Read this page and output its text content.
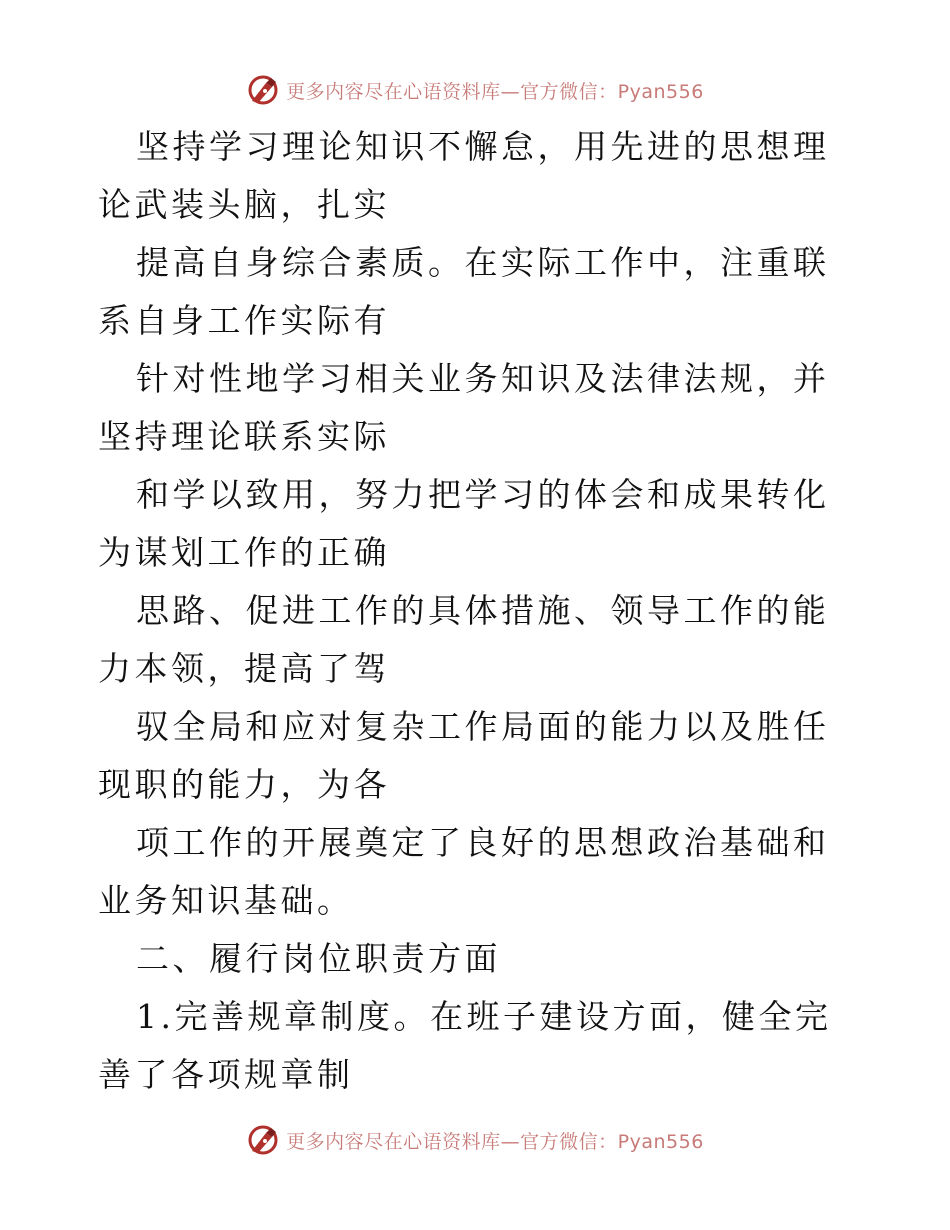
更多内容尽在心语资料库—官方微信：Pyan556

坚持学习理论知识不懈怠，用先进的思想理论武装头脑，扎实

提高自身综合素质。在实际工作中，注重联系自身工作实际有

针对性地学习相关业务知识及法律法规，并坚持理论联系实际

和学以致用，努力把学习的体会和成果转化为谋划工作的正确

思路、促进工作的具体措施、领导工作的能力本领，提高了驾

驭全局和应对复杂工作局面的能力以及胜任现职的能力，为各

项工作的开展奠定了良好的思想政治基础和业务知识基础。

二、履行岗位职责方面

1.完善规章制度。在班子建设方面，健全完善了各项规章制

更多内容尽在心语资料库—官方微信：Pyan556
